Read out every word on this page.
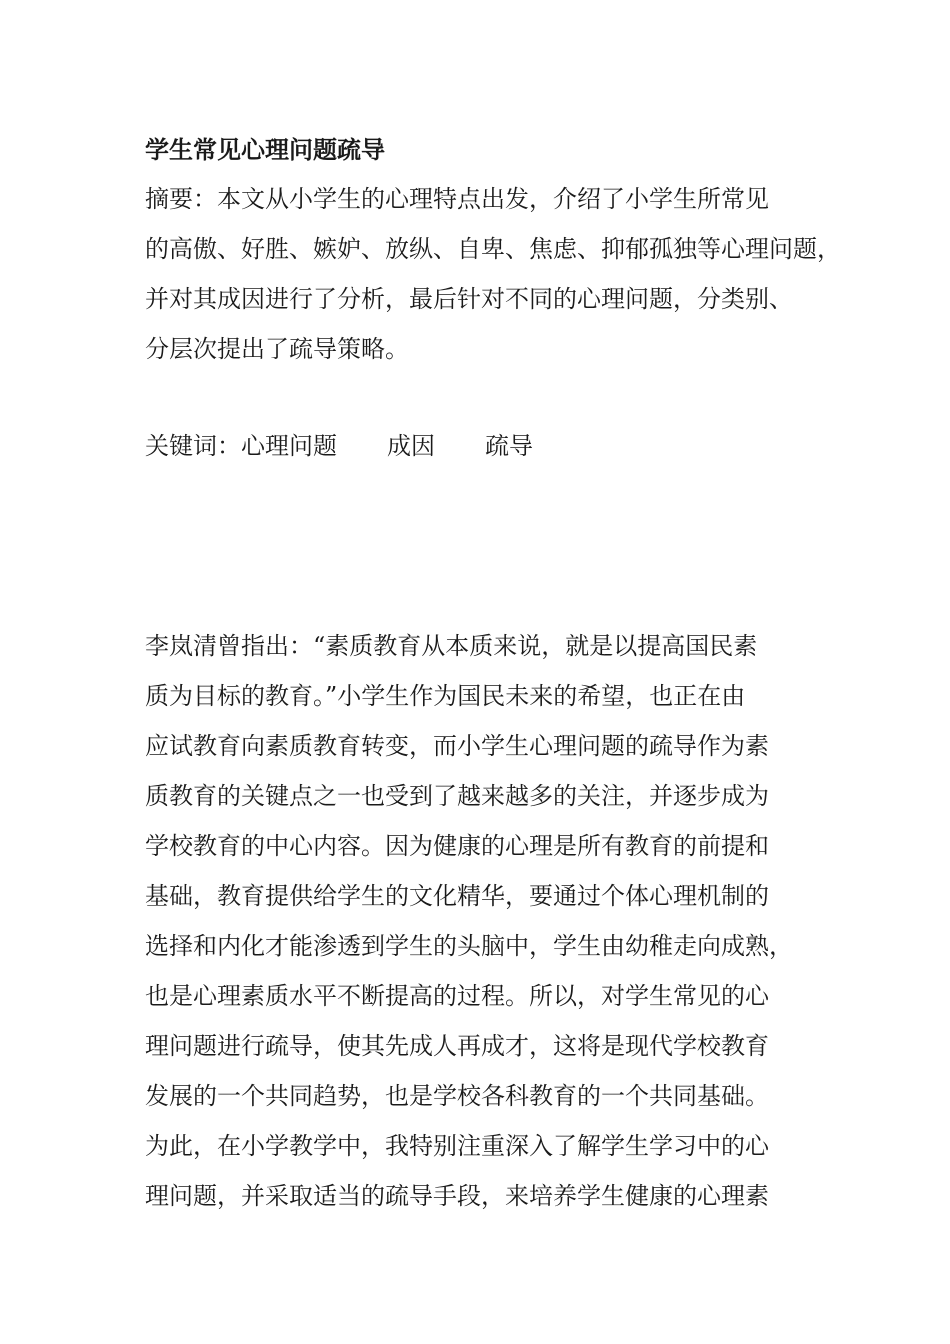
学生常见心理问题疏导
摘要：本文从小学生的心理特点出发，介绍了小学生所常见
的高傲、好胜、嫉妒、放纵、自卑、焦虑、抑郁孤独等心理问题，
并对其成因进行了分析，最后针对不同的心理问题，分类别、
分层次提出了疏导策略。
关键词：心理问题 成因 疏导
李岚清曾指出：“素质教育从本质来说，就是以提高国民素
质为目标的教育。”小学生作为国民未来的希望，也正在由
应试教育向素质教育转变，而小学生心理问题的疏导作为素
质教育的关键点之一也受到了越来越多的关注，并逐步成为
学校教育的中心内容。因为健康的心理是所有教育的前提和
基础，教育提供给学生的文化精华，要通过个体心理机制的
选择和内化才能渗透到学生的头脑中，学生由幼稚走向成熟，
也是心理素质水平不断提高的过程。所以，对学生常见的心
理问题进行疏导，使其先成人再成才，这将是现代学校教育
发展的一个共同趋势，也是学校各科教育的一个共同基础。
为此，在小学教学中，我特别注重深入了解学生学习中的心
理问题，并采取适当的疏导手段，来培养学生健康的心理素
